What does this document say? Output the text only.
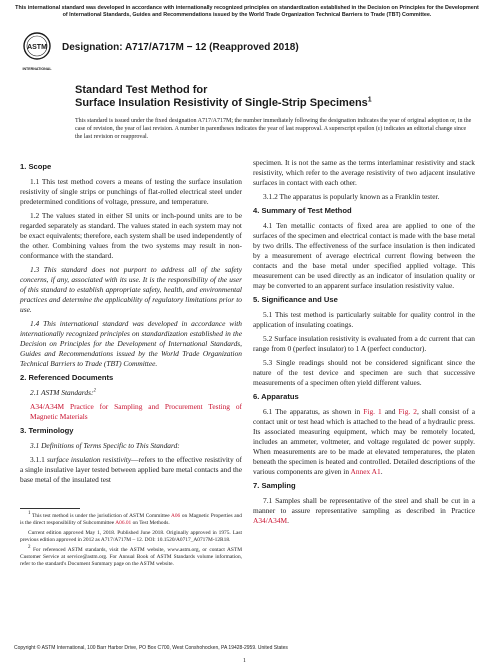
This international standard was developed in accordance with internationally recognized principles on standardization established in the Decision on Principles for the Development of International Standards, Guides and Recommendations issued by the World Trade Organization Technical Barriers to Trade (TBT) Committee.
ASTM
INTERNATIONAL
Designation: A717/A717M − 12 (Reapproved 2018)
Standard Test Method for
Surface Insulation Resistivity of Single-Strip Specimens$^1$
This standard is issued under the fixed designation A717/A717M; the number immediately following the designation indicates the year of original adoption or, in the case of revision, the year of last revision. A number in parentheses indicates the year of last reapproval. A superscript epsilon (ε) indicates an editorial change since the last revision or reapproval.
1. Scope

1.1 This test method covers a means of testing the surface insulation resistivity of single strips or punchings of flat-rolled electrical steel under predetermined conditions of voltage, pressure, and temperature.

1.2 The values stated in either SI units or inch-pound units are to be regarded separately as standard. The values stated in each system may not be exact equivalents; therefore, each system shall be used independently of the other. Combining values from the two systems may result in non-conformance with the standard.

1.3 This standard does not purport to address all of the safety concerns, if any, associated with its use. It is the responsibility of the user of this standard to establish appropriate safety, health, and environmental practices and determine the applicability of regulatory limitations prior to use.

1.4 This international standard was developed in accordance with internationally recognized principles on standardization established in the Decision on Principles for the Development of International Standards, Guides and Recommendations issued by the World Trade Organization Technical Barriers to Trade (TBT) Committee.

2. Referenced Documents

2.1 ASTM Standards:$^2$

A34/A34M Practice for Sampling and Procurement Testing of Magnetic Materials

3. Terminology

3.1 Definitions of Terms Specific to This Standard:

3.1.1 surface insulation resistivity—refers to the effective resistivity of a single insulative layer tested between applied bare metal contacts and the base metal of the insulated test

$^1$ This test method is under the jurisdiction of ASTM Committee A06 on Magnetic Properties and is the direct responsibility of Subcommittee A06.01 on Test Methods.

Current edition approved May 1, 2018. Published June 2018. Originally approved in 1975. Last previous edition approved in 2012 as A717/A717M – 12. DOI: 10.1520/A0717_A0717M-12R18.

$^2$ For referenced ASTM standards, visit the ASTM website, www.astm.org, or contact ASTM Customer Service at service@astm.org. For Annual Book of ASTM Standards volume information, refer to the standard's Document Summary page on the ASTM website.

specimen. It is not the same as the terms interlaminar resistivity and stack resistivity, which refer to the average resistivity of two adjacent insulative surfaces in contact with each other.

3.1.2 The apparatus is popularly known as a Franklin tester.

4. Summary of Test Method

4.1 Ten metallic contacts of fixed area are applied to one of the surfaces of the specimen and electrical contact is made with the base metal by two drills. The effectiveness of the surface insulation is then indicated by a measurement of average electrical current flowing between the contacts and the base metal under specified applied voltage. This measurement can be used directly as an indicator of insulation quality or may be converted to an apparent surface insulation resistivity value.

5. Significance and Use

5.1 This test method is particularly suitable for quality control in the application of insulating coatings.

5.2 Surface insulation resistivity is evaluated from a dc current that can range from 0 (perfect insulator) to 1 A (perfect conductor).

5.3 Single readings should not be considered significant since the nature of the test device and specimen are such that successive measurements of a specimen often yield different values.

6. Apparatus

6.1 The apparatus, as shown in Fig. 1 and Fig. 2, shall consist of a contact unit or test head which is attached to the head of a hydraulic press. Its associated measuring equipment, which may be remotely located, includes an ammeter, voltmeter, and voltage regulated dc power supply. When measurements are to be made at elevated temperatures, the platen beneath the specimen is heated and controlled. Detailed descriptions of the various components are given in Annex A1.

7. Sampling

7.1 Samples shall be representative of the steel and shall be cut in a manner to assure representative sampling as described in Practice A34/A34M.

Copyright © ASTM International, 100 Barr Harbor Drive, PO Box C700, West Conshohocken, PA 19428-2959. United States
1
